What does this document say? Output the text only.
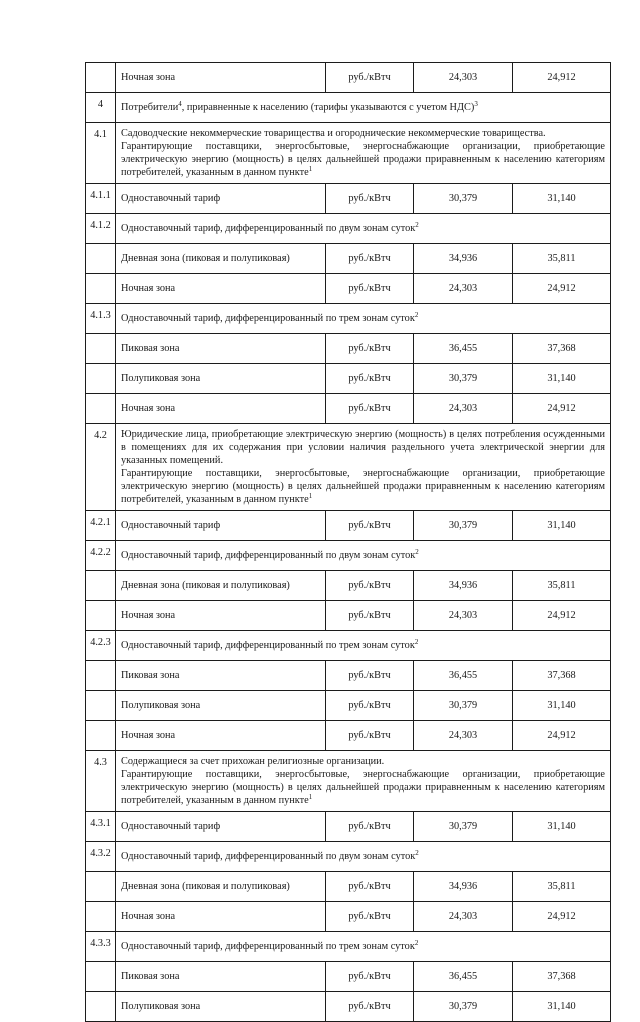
	Ночная зона	руб./кВтч	24,303	24,912
4	Потребители$^4$, приравненные к населению (тарифы указываются с учетом НДС)$^3$
4.1	Садоводческие некоммерческие товарищества и огороднические некоммерческие товарищества.
Гарантирующие поставщики, энергосбытовые, энергоснабжающие организации, приобретающие электрическую энергию (мощность) в целях дальнейшей продажи приравненным к населению категориям потребителей, указанным в данном пункте$^1$

4.1.1	Одноставочный тариф	руб./кВтч	30,379	31,140
4.1.2	Одноставочный тариф, дифференцированный по двум зонам суток$^2$
	Дневная зона (пиковая и полупиковая)	руб./кВтч	34,936	35,811
	Ночная зона	руб./кВтч	24,303	24,912
4.1.3	Одноставочный тариф, дифференцированный по трем зонам суток$^2$
	Пиковая зона	руб./кВтч	36,455	37,368
	Полупиковая зона	руб./кВтч	30,379	31,140
	Ночная зона	руб./кВтч	24,303	24,912
4.2	Юридические лица, приобретающие электрическую энергию (мощность) в целях потребления осужденными в помещениях для их содержания при условии наличия раздельного учета электрической энергии для указанных помещений.
Гарантирующие поставщики, энергосбытовые, энергоснабжающие организации, приобретающие электрическую энергию (мощность) в целях дальнейшей продажи приравненным к населению категориям потребителей, указанным в данном пункте$^1$

4.2.1	Одноставочный тариф	руб./кВтч	30,379	31,140
4.2.2	Одноставочный тариф, дифференцированный по двум зонам суток$^2$
	Дневная зона (пиковая и полупиковая)	руб./кВтч	34,936	35,811
	Ночная зона	руб./кВтч	24,303	24,912
4.2.3	Одноставочный тариф, дифференцированный по трем зонам суток$^2$
	Пиковая зона	руб./кВтч	36,455	37,368
	Полупиковая зона	руб./кВтч	30,379	31,140
	Ночная зона	руб./кВтч	24,303	24,912
4.3	Содержащиеся за счет прихожан религиозные организации.
Гарантирующие поставщики, энергосбытовые, энергоснабжающие организации, приобретающие электрическую энергию (мощность) в целях дальнейшей продажи приравненным к населению категориям потребителей, указанным в данном пункте$^1$

4.3.1	Одноставочный тариф	руб./кВтч	30,379	31,140
4.3.2	Одноставочный тариф, дифференцированный по двум зонам суток$^2$
	Дневная зона (пиковая и полупиковая)	руб./кВтч	34,936	35,811
	Ночная зона	руб./кВтч	24,303	24,912
4.3.3	Одноставочный тариф, дифференцированный по трем зонам суток$^2$
	Пиковая зона	руб./кВтч	36,455	37,368
	Полупиковая зона	руб./кВтч	30,379	31,140
